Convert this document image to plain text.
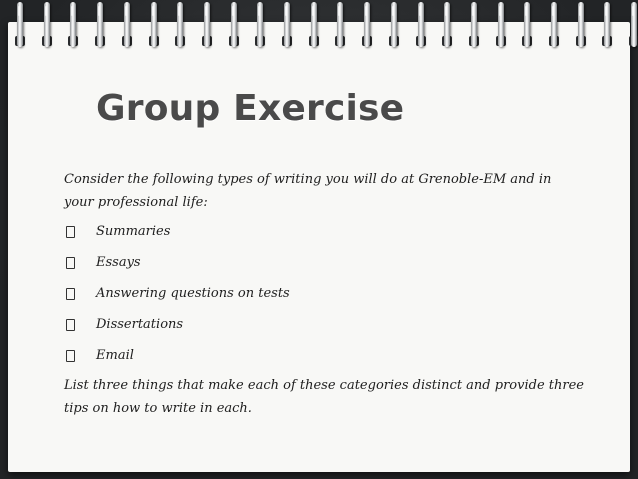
Group Exercise
Consider the following types of writing you will do at Grenoble-EM and in your professional life:
Summaries
Essays
Answering questions on tests
Dissertations
Email
List three things that make each of these categories distinct and provide three tips on how to write in each.
